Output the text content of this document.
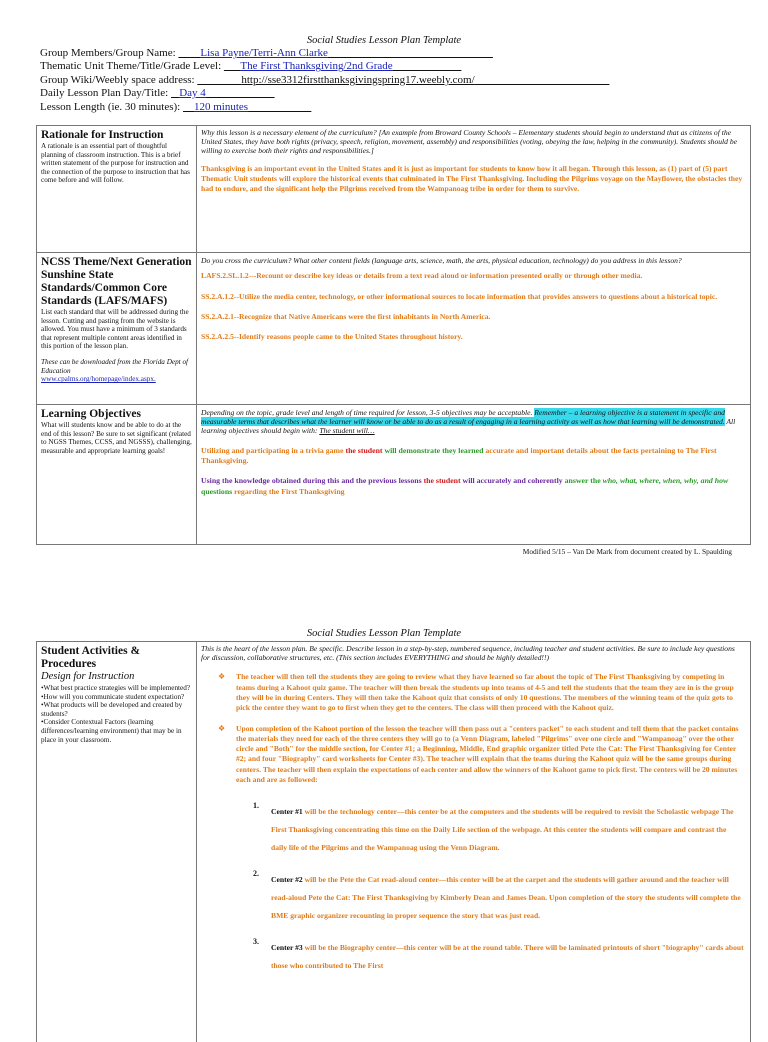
Social Studies Lesson Plan Template
Group Members/Group Name: Lisa Payne/Terri-Ann Clarke
Thematic Unit Theme/Title/Grade Level: The First Thanksgiving/2nd Grade
Group Wiki/Weebly space address:	http://sse3312firstthanksgivingspring17.weebly.com/
Daily Lesson Plan Day/Title: Day 4
Lesson Length (ie. 30 minutes): 120 minutes
Rationale for Instruction
A rationale is an essential part of thoughtful planning of classroom instruction. This is a brief written statement of the purpose for instruction and the connection of the purpose to instruction that has come before and will follow.
Why this lesson is a necessary element of the curriculum? [An example from Broward County Schools – Elementary students should begin to understand that as citizens of the United States, they have both rights (privacy, speech, religion, movement, assembly) and responsibilities (voting, obeying the law, helping in the community). Students should be willing to exercise both their rights and responsibilities.]
Thanksgiving is an important event in the United States and it is just as important for students to know how it all began. Through this lesson, as (1) part of (5) part Thematic Unit students will explore the historical events that culminated in The First Thanksgiving. Including the Pilgrims voyage on the Mayflower, the obstacles they had to endure, and the significant help the Pilgrims received from the Wampanoag tribe in order for them to survive.
NCSS Theme/Next Generation Sunshine State Standards/Common Core Standards (LAFS/MAFS)
List each standard that will be addressed during the lesson. Cutting and pasting from the website is allowed. You must have a minimum of 3 standards that represent multiple content areas identified in this portion of the lesson plan.
These can be downloaded from the Florida Dept of Education
www.cpalms.org/homepage/index.aspx.
Do you cross the curriculum? What other content fields (language arts, science, math, the arts, physical education, technology) do you address in this lesson?
LAFS.2.SL.1.2---Recount or describe key ideas or details from a text read aloud or information presented orally or through other media.
SS.2.A.1.2--Utilize the media center, technology, or other informational sources to locate information that provides answers to questions about a historical topic.
SS.2.A.2.1--Recognize that Native Americans were the first inhabitants in North America.
SS.2.A.2.5--Identify reasons people came to the United States throughout history.
Learning Objectives
What will students know and be able to do at the end of this lesson? Be sure to set significant (related to NGSS Themes, CCSS, and NGSSS), challenging, measurable and appropriate learning goals!
Depending on the topic, grade level and length of time required for lesson, 3-5 objectives may be acceptable. Remember – a learning objective is a statement in specific and measurable terms that describes what the learner will know or be able to do as a result of engaging in a learning activity as well as how that learning will be demonstrated. All learning objectives should begin with: The student will…
Utilizing and participating in a trivia game the student will demonstrate they learned accurate and important details about the facts pertaining to The First Thanksgiving.
Using the knowledge obtained during this and the previous lessons the student will accurately and coherently answer the who, what, where, when, why, and how questions regarding the First Thanksgiving
Modified 5/15 – Van De Mark from document created by L. Spaulding
Social Studies Lesson Plan Template
Student Activities & Procedures
Design for Instruction
•What best practice strategies will be implemented?
•How will you communicate student expectation?
•What products will be developed and created by students?
•Consider Contextual Factors (learning differences/learning environment) that may be in place in your classroom.
This is the heart of the lesson plan. Be specific. Describe lesson in a step-by-step, numbered sequence, including teacher and student activities. Be sure to include key questions for discussion, collaborative structures, etc. (This section includes EVERYTHING and should be highly detailed!!)
❖ The teacher will then tell the students they are going to review what they have learned so far about the topic of The First Thanksgiving by competing in teams during a Kahoot quiz game. The teacher will then break the students up into teams of 4-5 and tell the students that the team they are in is the group they will be in during Centers. They will then take the Kahoot quiz that consists of only 10 questions. The members of the winning team of the quiz gets to pick the center they want to go to first when they get to the centers. The class will then proceed with the Kahoot quiz.
❖ Upon completion of the Kahoot portion of the lesson the teacher will then pass out a "centers packet" to each student and tell them that the packet contains the materials they need for each of the three centers they will go to (a Venn Diagram, labeled "Pilgrims" over one circle and "Wampanoag" over the other circle and "Both" for the middle section, for Center #1; a Beginning, Middle, End graphic organizer titled Pete the Cat: The First Thanksgiving for Center #2; and four "Biography" card worksheets for Center #3). The teacher will explain that the teams during the Kahoot quiz will be the same groups during centers. The teacher will then explain the expectations of each center and allow the winners of the Kahoot game to pick first. The centers will be 20 minutes each and are as followed:
1.
Center #1 will be the technology center—this center be at the computers and the students will be required to revisit the Scholastic webpage The First Thanksgiving concentrating this time on the Daily Life section of the webpage. At this center the students will compare and contrast the daily life of the Pilgrims and the Wampanoag using the Venn Diagram.
2.
Center #2 will be the Pete the Cat read-aloud center—this center will be at the carpet and the students will gather around and the teacher will read-aloud Pete the Cat: The First Thanksgiving by Kimberly Dean and James Dean. Upon completion of the story the students will complete the BME graphic organizer recounting in proper sequence the story that was just read.
3.
Center #3 will be the Biography center—this center will be at the round table. There will be laminated printouts of short "biography" cards about those who contributed to The First
